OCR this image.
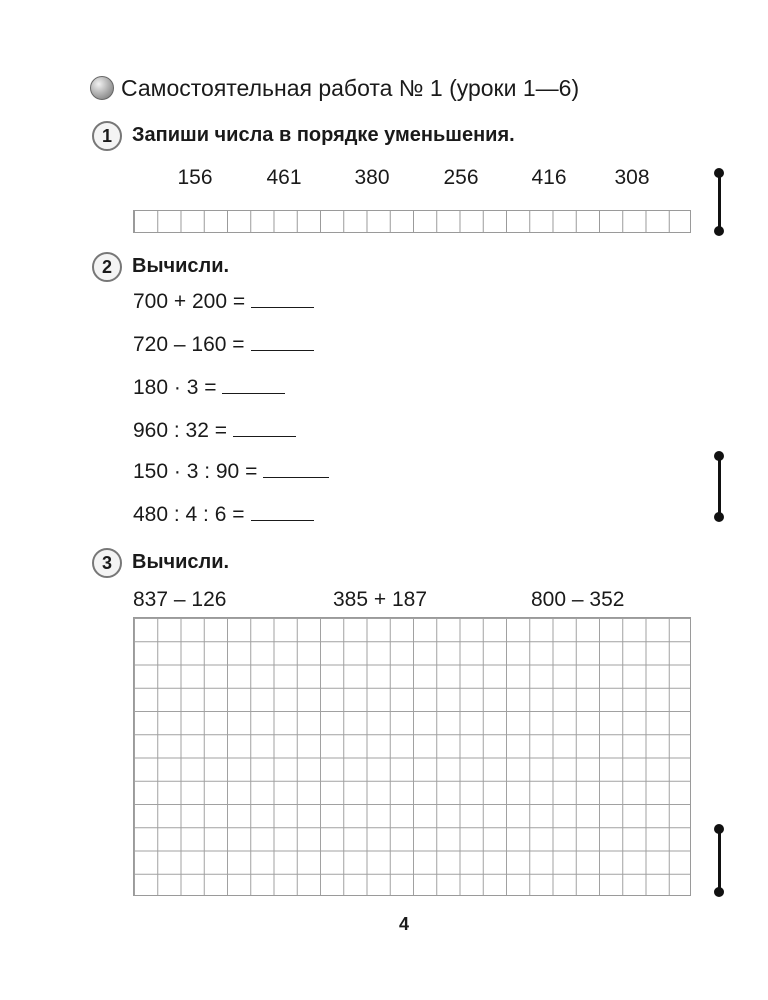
Самостоятельная работа № 1 (уроки 1—6)
1	Запиши числа в порядке уменьшения.
156	461	380	256	416	308
2	Вычисли.
700 + 200 =
720 – 160 =
180 · 3 =
960 : 32 =
150 · 3 : 90 =
480 : 4 : 6 =
3	Вычисли.
837 – 126	385 + 187	800 – 352
4
